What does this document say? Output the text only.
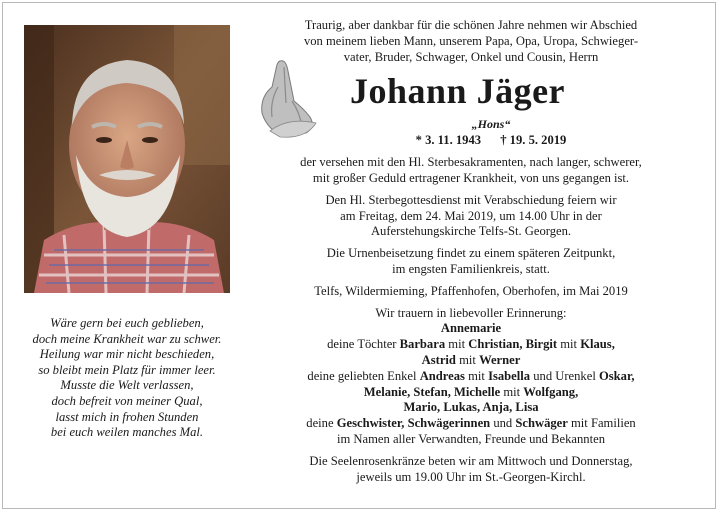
Wäre gern bei euch geblieben,
doch meine Krankheit war zu schwer.
Heilung war mir nicht beschieden,
so bleibt mein Platz für immer leer.
Musste die Welt verlassen,
doch befreit von meiner Qual,
lasst mich in frohen Stunden
bei euch weilen manches Mal.
Traurig, aber dankbar für die schönen Jahre nehmen wir Abschied
von meinem lieben Mann, unserem Papa, Opa, Uropa, Schwieger-
vater, Bruder, Schwager, Onkel und Cousin, Herrn
Johann Jäger
„Hons“
* 3. 11. 1943 † 19. 5. 2019
der versehen mit den Hl. Sterbesakramenten, nach langer, schwerer,
mit großer Geduld ertragener Krankheit, von uns gegangen ist.
Den Hl. Sterbegottesdienst mit Verabschiedung feiern wir
am Freitag, dem 24. Mai 2019, um 14.00 Uhr in der
Auferstehungskirche Telfs-St. Georgen.
Die Urnenbeisetzung findet zu einem späteren Zeitpunkt,
im engsten Familienkreis, statt.
Telfs, Wildermieming, Pfaffenhofen, Oberhofen, im Mai 2019
Wir trauern in liebevoller Erinnerung:
Annemarie
deine Töchter Barbara mit Christian, Birgit mit Klaus,
Astrid mit Werner
deine geliebten Enkel Andreas mit Isabella und Urenkel Oskar,
Melanie, Stefan, Michelle mit Wolfgang,
Mario, Lukas, Anja, Lisa
deine Geschwister, Schwägerinnen und Schwäger mit Familien
im Namen aller Verwandten, Freunde und Bekannten
Die Seelenrosenkränze beten wir am Mittwoch und Donnerstag,
jeweils um 19.00 Uhr im St.-Georgen-Kirchl.
